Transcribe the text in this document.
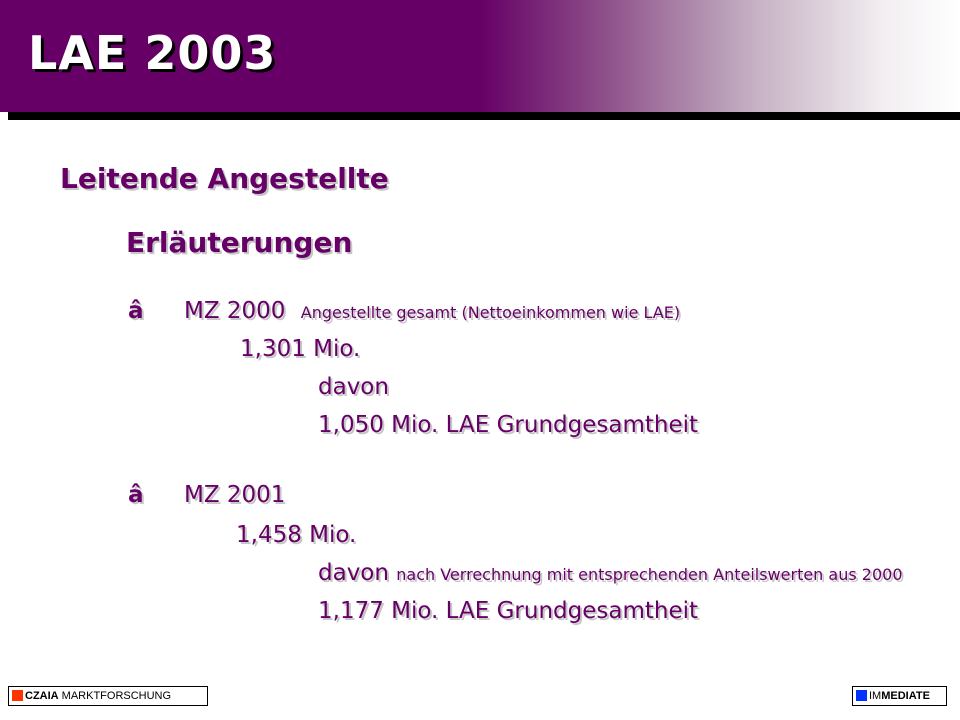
LAE 2003
Leitende Angestellte
Erläuterungen
â MZ 2000 Angestellte gesamt (Nettoeinkommen wie LAE)
1,301 Mio.
davon
1,050 Mio. LAE Grundgesamtheit
â MZ 2001
1,458 Mio.
davon nach Verrechnung mit entsprechenden Anteilswerten aus 2000
1,177 Mio. LAE Grundgesamtheit
CZAIA MARKTFORSCHUNG	IMMEDIATE
